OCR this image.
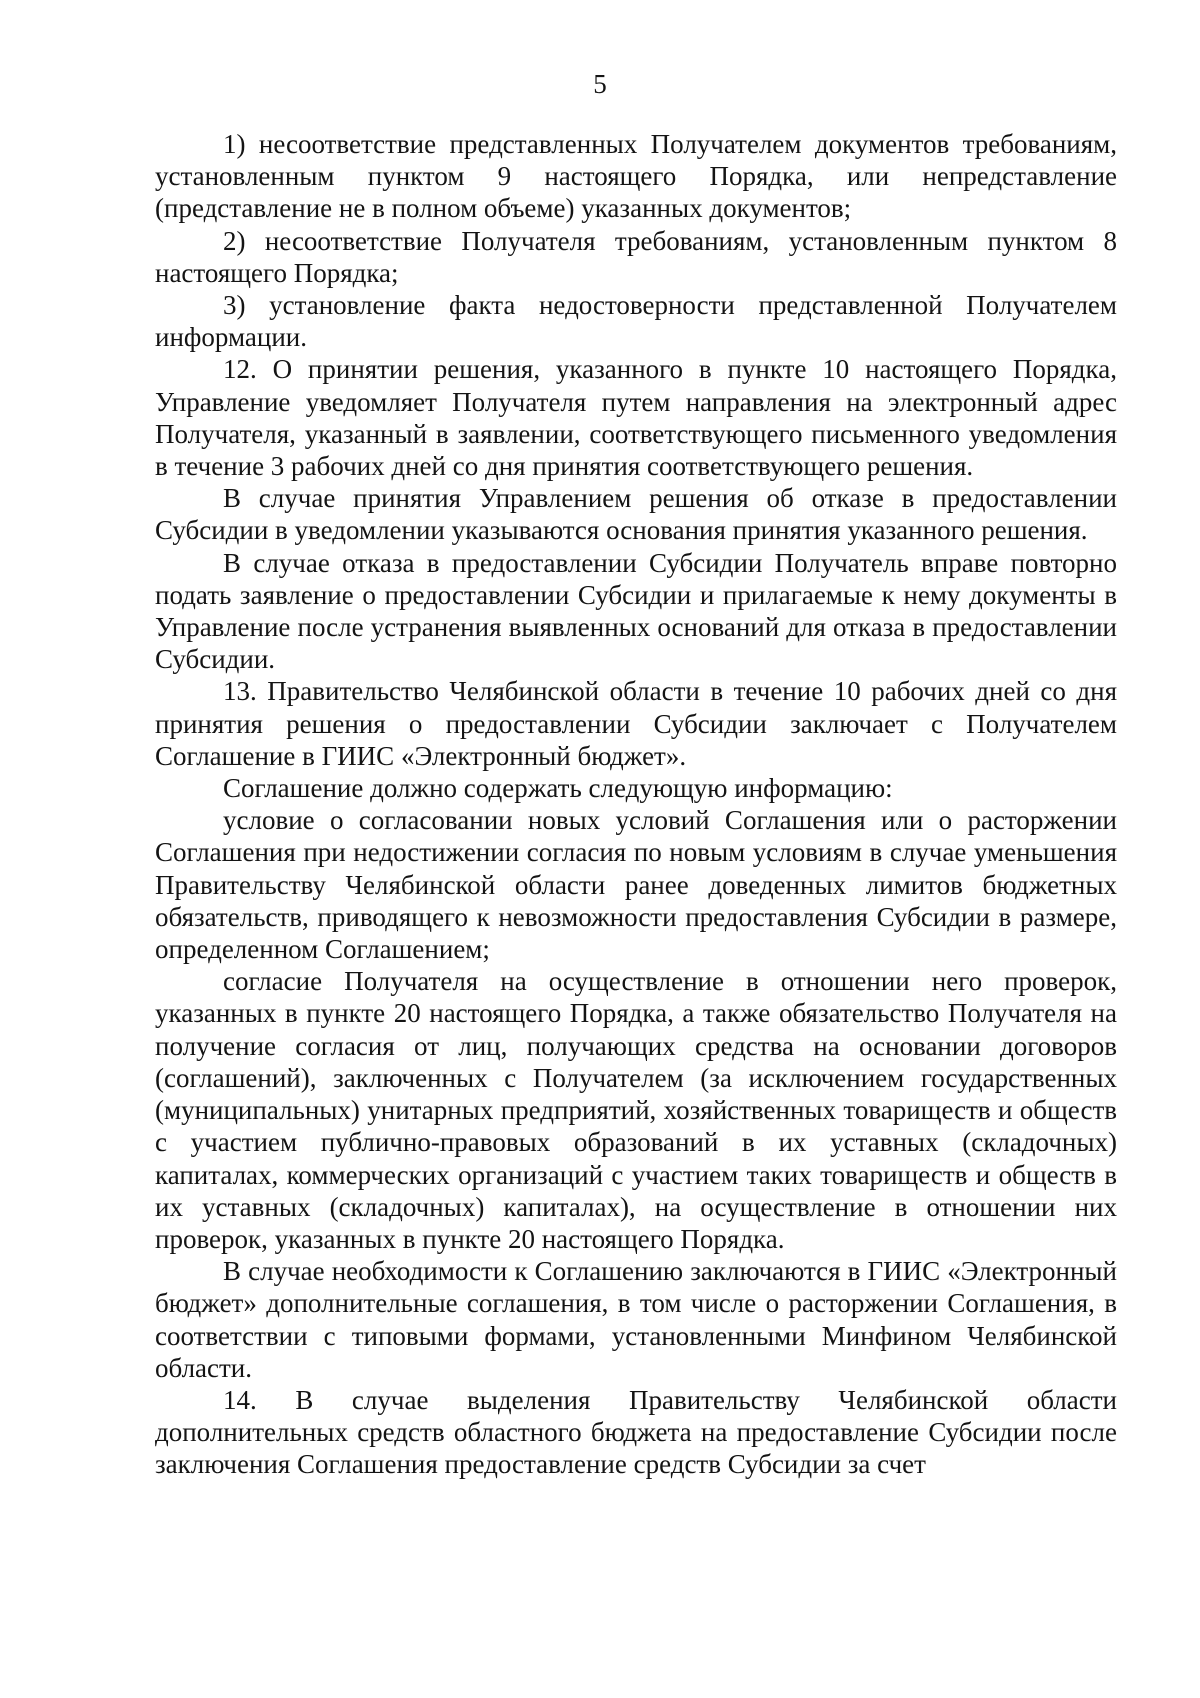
5

1) несоответствие представленных Получателем документов требованиям, установленным пунктом 9 настоящего Порядка, или непредставление (представление не в полном объеме) указанных документов;

2) несоответствие Получателя требованиям, установленным пунктом 8 настоящего Порядка;

3) установление факта недостоверности представленной Получателем информации.

12. О принятии решения, указанного в пункте 10 настоящего Порядка, Управление уведомляет Получателя путем направления на электронный адрес Получателя, указанный в заявлении, соответствующего письменного уведомления в течение 3 рабочих дней со дня принятия соответствующего решения.

В случае принятия Управлением решения об отказе в предоставлении Субсидии в уведомлении указываются основания принятия указанного решения.

В случае отказа в предоставлении Субсидии Получатель вправе повторно подать заявление о предоставлении Субсидии и прилагаемые к нему документы в Управление после устранения выявленных оснований для отказа в предоставлении Субсидии.

13. Правительство Челябинской области в течение 10 рабочих дней со дня принятия решения о предоставлении Субсидии заключает с Получателем Соглашение в ГИИС «Электронный бюджет».

Соглашение должно содержать следующую информацию:

условие о согласовании новых условий Соглашения или о расторжении Соглашения при недостижении согласия по новым условиям в случае уменьшения Правительству Челябинской области ранее доведенных лимитов бюджетных обязательств, приводящего к невозможности предоставления Субсидии в размере, определенном Соглашением;

согласие Получателя на осуществление в отношении него проверок, указанных в пункте 20 настоящего Порядка, а также обязательство Получателя на получение согласия от лиц, получающих средства на основании договоров (соглашений), заключенных с Получателем (за исключением государственных (муниципальных) унитарных предприятий, хозяйственных товариществ и обществ с участием публично-правовых образований в их уставных (складочных) капиталах, коммерческих организаций с участием таких товариществ и обществ в их уставных (складочных) капиталах), на осуществление в отношении них проверок, указанных в пункте 20 настоящего Порядка.

В случае необходимости к Соглашению заключаются в ГИИС «Электронный бюджет» дополнительные соглашения, в том числе о расторжении Соглашения, в соответствии с типовыми формами, установленными Минфином Челябинской области.

14. В случае выделения Правительству Челябинской области дополнительных средств областного бюджета на предоставление Субсидии после заключения Соглашения предоставление средств Субсидии за счет
